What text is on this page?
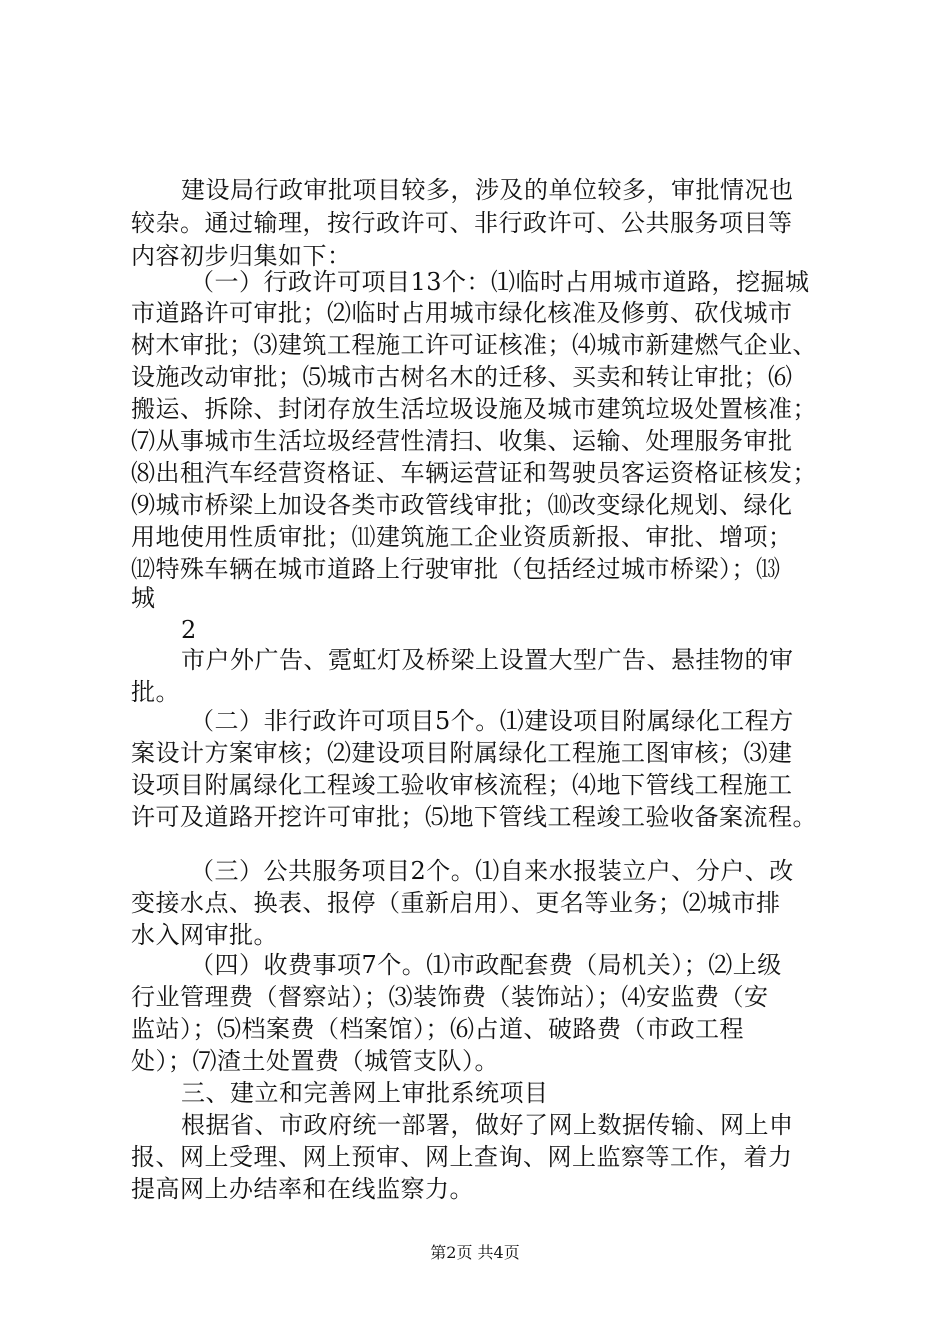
建设局行政审批项目较多，涉及的单位较多，审批情况也
较杂。通过输理，按行政许可、非行政许可、公共服务项目等
内容初步归集如下：
（一）行政许可项目13个：⑴临时占用城市道路，挖掘城
市道路许可审批；⑵临时占用城市绿化核准及修剪、砍伐城市
树木审批；⑶建筑工程施工许可证核准；⑷城市新建燃气企业、
设施改动审批；⑸城市古树名木的迁移、买卖和转让审批；⑹
搬运、拆除、封闭存放生活垃圾设施及城市建筑垃圾处置核准；
⑺从事城市生活垃圾经营性清扫、收集、运输、处理服务审批
⑻出租汽车经营资格证、车辆运营证和驾驶员客运资格证核发；
⑼城市桥梁上加设各类市政管线审批；⑽改变绿化规划、绿化
用地使用性质审批；⑾建筑施工企业资质新报、审批、增项；
⑿特殊车辆在城市道路上行驶审批（包括经过城市桥梁）；⒀
城
2
市户外广告、霓虹灯及桥梁上设置大型广告、悬挂物的审
批。
（二）非行政许可项目5个。⑴建设项目附属绿化工程方
案设计方案审核；⑵建设项目附属绿化工程施工图审核；⑶建
设项目附属绿化工程竣工验收审核流程；⑷地下管线工程施工
许可及道路开挖许可审批；⑸地下管线工程竣工验收备案流程。
（三）公共服务项目2个。⑴自来水报装立户、分户、改
变接水点、换表、报停（重新启用）、更名等业务；⑵城市排
水入网审批。
（四）收费事项7个。⑴市政配套费（局机关）；⑵上级
行业管理费（督察站）；⑶装饰费（装饰站）；⑷安监费（安
监站）；⑸档案费（档案馆）；⑹占道、破路费（市政工程
处）；⑺渣土处置费（城管支队）。
三、建立和完善网上审批系统项目
根据省、市政府统一部署，做好了网上数据传输、网上申
报、网上受理、网上预审、网上查询、网上监察等工作，着力
提高网上办结率和在线监察力。
第2页 共4页
